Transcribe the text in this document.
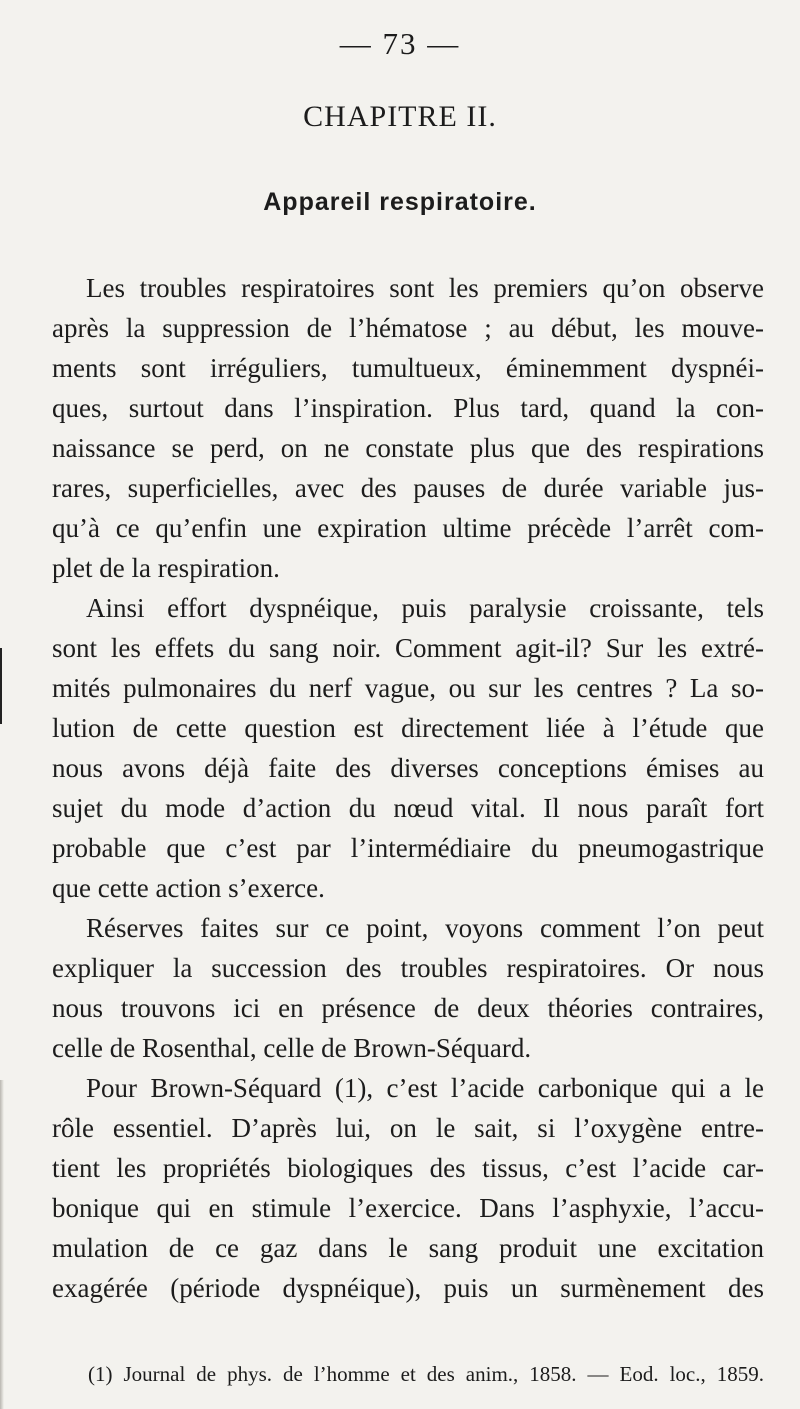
— 73 —
CHAPITRE II.
Appareil respiratoire.
Les troubles respiratoires sont les premiers qu’on observe
après la suppression de l’hématose ; au début, les mouve-
ments sont irréguliers, tumultueux, éminemment dyspnéi-
ques, surtout dans l’inspiration. Plus tard, quand la con-
naissance se perd, on ne constate plus que des respirations
rares, superficielles, avec des pauses de durée variable jus-
qu’à ce qu’enfin une expiration ultime précède l’arrêt com-
plet de la respiration.
Ainsi effort dyspnéique, puis paralysie croissante, tels
sont les effets du sang noir. Comment agit-il? Sur les extré-
mités pulmonaires du nerf vague, ou sur les centres ? La so-
lution de cette question est directement liée à l’étude que
nous avons déjà faite des diverses conceptions émises au
sujet du mode d’action du nœud vital. Il nous paraît fort
probable que c’est par l’intermédiaire du pneumogastrique
que cette action s’exerce.
Réserves faites sur ce point, voyons comment l’on peut
expliquer la succession des troubles respiratoires. Or nous
nous trouvons ici en présence de deux théories contraires,
celle de Rosenthal, celle de Brown-Séquard.
Pour Brown-Séquard (1), c’est l’acide carbonique qui a le
rôle essentiel. D’après lui, on le sait, si l’oxygène entre-
tient les propriétés biologiques des tissus, c’est l’acide car-
bonique qui en stimule l’exercice. Dans l’asphyxie, l’accu-
mulation de ce gaz dans le sang produit une excitation
exagérée (période dyspnéique), puis un surmènement des
(1) Journal de phys. de l’homme et des anim., 1858. — Eod. loc., 1859.
